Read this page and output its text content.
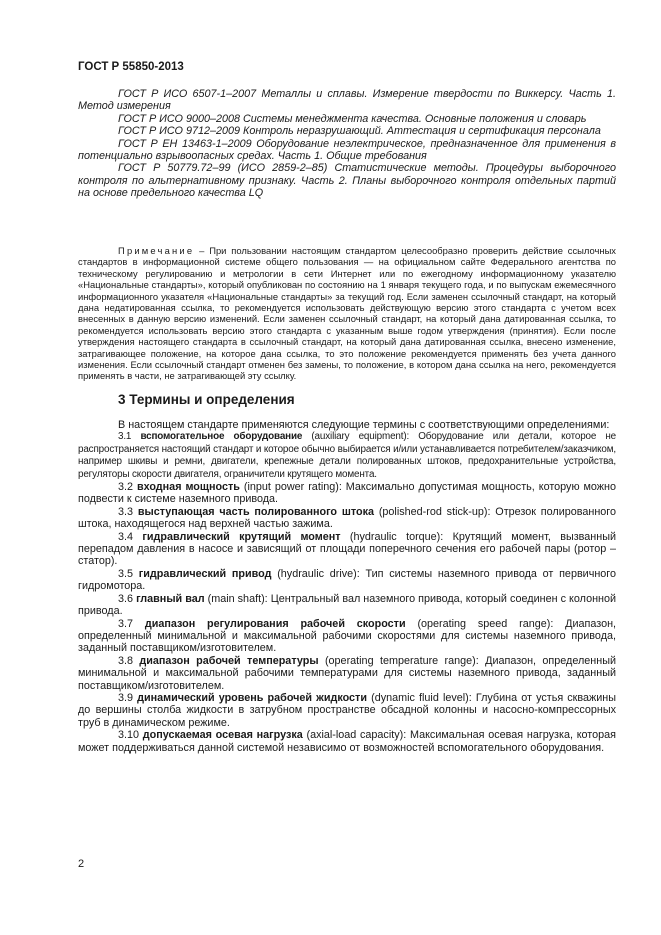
ГОСТ Р 55850-2013

ГОСТ Р ИСО 6507-1–2007 Металлы и сплавы. Измерение твердости по Виккерсу. Часть 1. Метод измерения

ГОСТ Р ИСО 9000–2008 Системы менеджмента качества. Основные положения и словарь

ГОСТ Р ИСО 9712–2009 Контроль неразрушающий. Аттестация и сертификация персонала

ГОСТ Р ЕН 13463-1–2009 Оборудование неэлектрическое, предназначенное для применения в потенциально взрывоопасных средах. Часть 1. Общие требования

ГОСТ Р 50779.72–99 (ИСО 2859-2–85) Статистические методы. Процедуры выборочного контроля по альтернативному признаку. Часть 2. Планы выборочного контроля отдельных партий на основе предельного качества LQ

Примечание – При пользовании настоящим стандартом целесообразно проверить действие ссылочных стандартов в информационной системе общего пользования — на официальном сайте Федерального агентства по техническому регулированию и метрологии в сети Интернет или по ежегодному информационному указателю «Национальные стандарты», который опубликован по состоянию на 1 января текущего года, и по выпускам ежемесячного информационного указателя «Национальные стандарты» за текущий год. Если заменен ссылочный стандарт, на который дана недатированная ссылка, то рекомендуется использовать действующую версию этого стандарта с учетом всех внесенных в данную версию изменений. Если заменен ссылочный стандарт, на который дана датированная ссылка, то рекомендуется использовать версию этого стандарта с указанным выше годом утверждения (принятия). Если после утверждения настоящего стандарта в ссылочный стандарт, на который дана датированная ссылка, внесено изменение, затрагивающее положение, на которое дана ссылка, то это положение рекомендуется применять без учета данного изменения. Если ссылочный стандарт отменен без замены, то положение, в котором дана ссылка на него, рекомендуется применять в части, не затрагивающей эту ссылку.

3 Термины и определения

В настоящем стандарте применяются следующие термины с соответствующими определениями:

3.1 вспомогательное оборудование (auxiliary equipment): Оборудование или детали, которое не распространяется настоящий стандарт и которое обычно выбирается и/или устанавливается потребителем/заказчиком, например шкивы и ремни, двигатели, крепежные детали полированных штоков, предохранительные устройства, регуляторы скорости двигателя, ограничители крутящего момента.

3.2 входная мощность (input power rating): Максимально допустимая мощность, которую можно подвести к системе наземного привода.

3.3 выступающая часть полированного штока (polished-rod stick-up): Отрезок полированного штока, находящегося над верхней частью зажима.

3.4 гидравлический крутящий момент (hydraulic torque): Крутящий момент, вызванный перепадом давления в насосе и зависящий от площади поперечного сечения его рабочей пары (ротор – статор).

3.5 гидравлический привод (hydraulic drive): Тип системы наземного привода от первичного гидромотора.

3.6 главный вал (main shaft): Центральный вал наземного привода, который соединен с колонной привода.

3.7 диапазон регулирования рабочей скорости (operating speed range): Диапазон, определенный минимальной и максимальной рабочими скоростями для системы наземного привода, заданный поставщиком/изготовителем.

3.8 диапазон рабочей температуры (operating temperature range): Диапазон, определенный минимальной и максимальной рабочими температурами для системы наземного привода, заданный поставщиком/изготовителем.

3.9 динамический уровень рабочей жидкости (dynamic fluid level): Глубина от устья скважины до вершины столба жидкости в затрубном пространстве обсадной колонны и насосно-компрессорных труб в динамическом режиме.

3.10 допускаемая осевая нагрузка (axial-load capacity): Максимальная осевая нагрузка, которая может поддерживаться данной системой независимо от возможностей вспомогательного оборудования.

2
